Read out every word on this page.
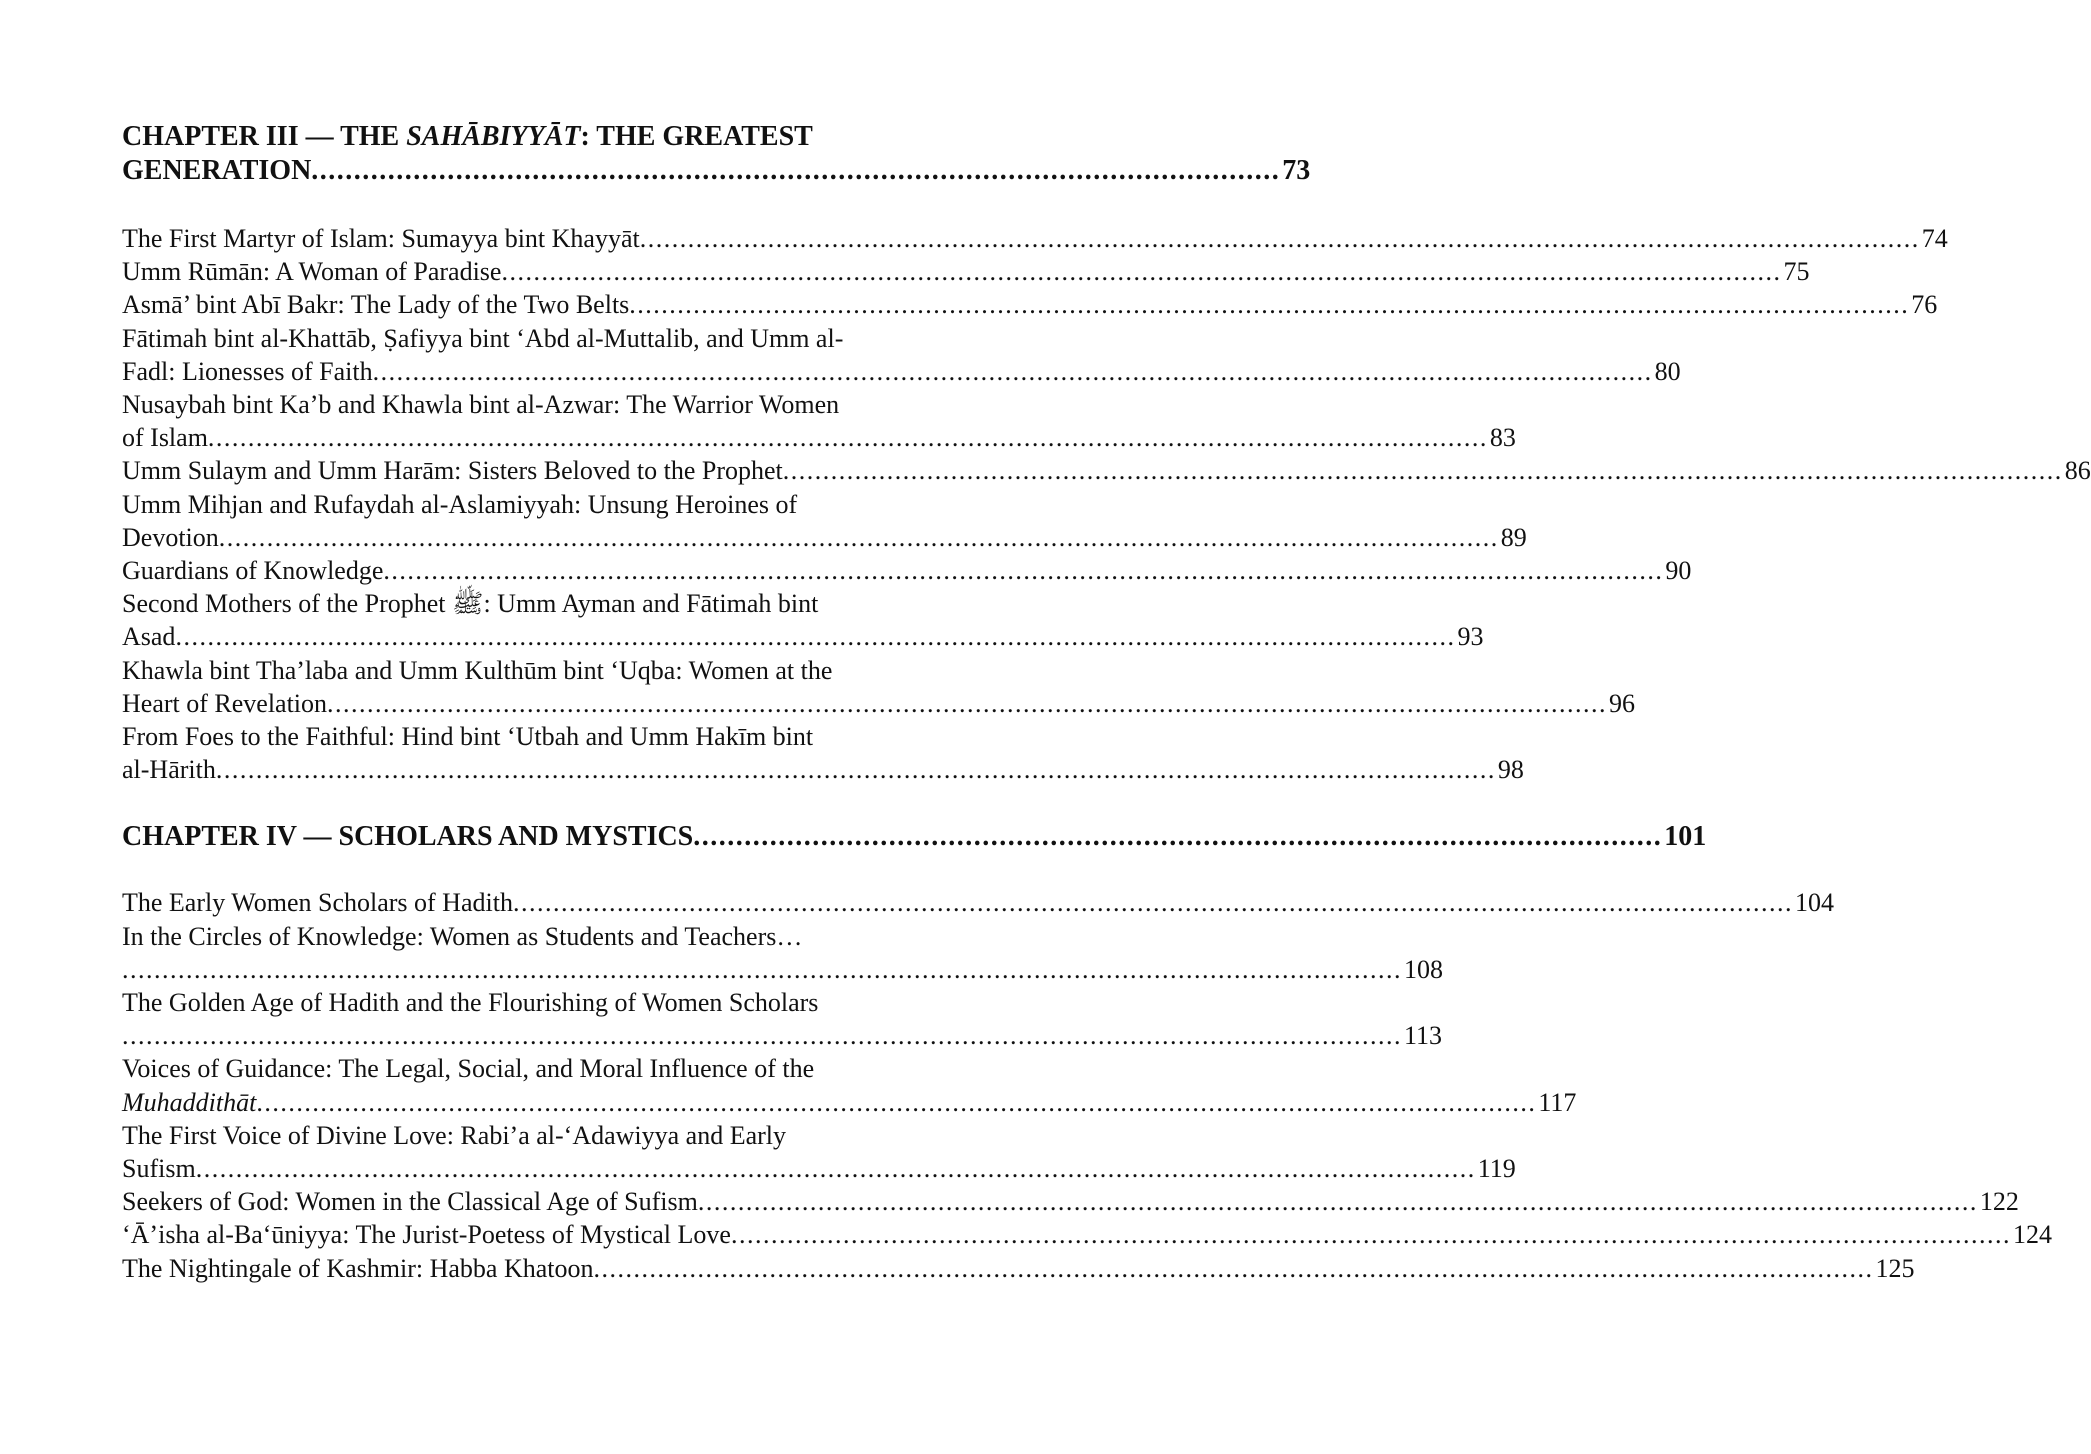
CHAPTER III — THE SAHĀBIYYĀT: THE GREATEST
GENERATION .................................................................................................................. 73
The First Martyr of Islam: Sumayya bint Khayyāt ................................................................................................................................................................ 74
Umm Rūmān: A Woman of Paradise ................................................................................................................................................................ 75
Asmā’ bint Abī Bakr: The Lady of the Two Belts ................................................................................................................................................................ 76
Fātimah bint al-Khattāb, Ṣafiyya bint ‘Abd al-Muttalib, and Umm al-
Fadl: Lionesses of Faith ................................................................................................................................................................ 80
Nusaybah bint Ka’b and Khawla bint al-Azwar: The Warrior Women
of Islam ................................................................................................................................................................ 83
Umm Sulaym and Umm Harām: Sisters Beloved to the Prophet ................................................................................................................................................................ 86
Umm Mihjan and Rufaydah al-Aslamiyyah: Unsung Heroines of
Devotion ................................................................................................................................................................ 89
Guardians of Knowledge ................................................................................................................................................................ 90
Second Mothers of the Prophet ﷺ: Umm Ayman and Fātimah bint
Asad ................................................................................................................................................................ 93
Khawla bint Tha’laba and Umm Kulthūm bint ‘Uqba: Women at the
Heart of Revelation ................................................................................................................................................................ 96
From Foes to the Faithful: Hind bint ‘Utbah and Umm Hakīm bint
al-Hārith ................................................................................................................................................................ 98
CHAPTER IV — SCHOLARS AND MYSTICS .................................................................................................................. 101
The Early Women Scholars of Hadith ................................................................................................................................................................ 104
In the Circles of Knowledge: Women as Students and Teachers…
................................................................................................................................................................ 108
The Golden Age of Hadith and the Flourishing of Women Scholars
................................................................................................................................................................ 113
Voices of Guidance: The Legal, Social, and Moral Influence of the
Muhaddithāt ................................................................................................................................................................ 117
The First Voice of Divine Love: Rabi’a al-‘Adawiyya and Early
Sufism ................................................................................................................................................................ 119
Seekers of God: Women in the Classical Age of Sufism ................................................................................................................................................................ 122
‘Ā’isha al-Ba‘ūniyya: The Jurist-Poetess of Mystical Love ................................................................................................................................................................ 124
The Nightingale of Kashmir: Habba Khatoon ................................................................................................................................................................ 125
